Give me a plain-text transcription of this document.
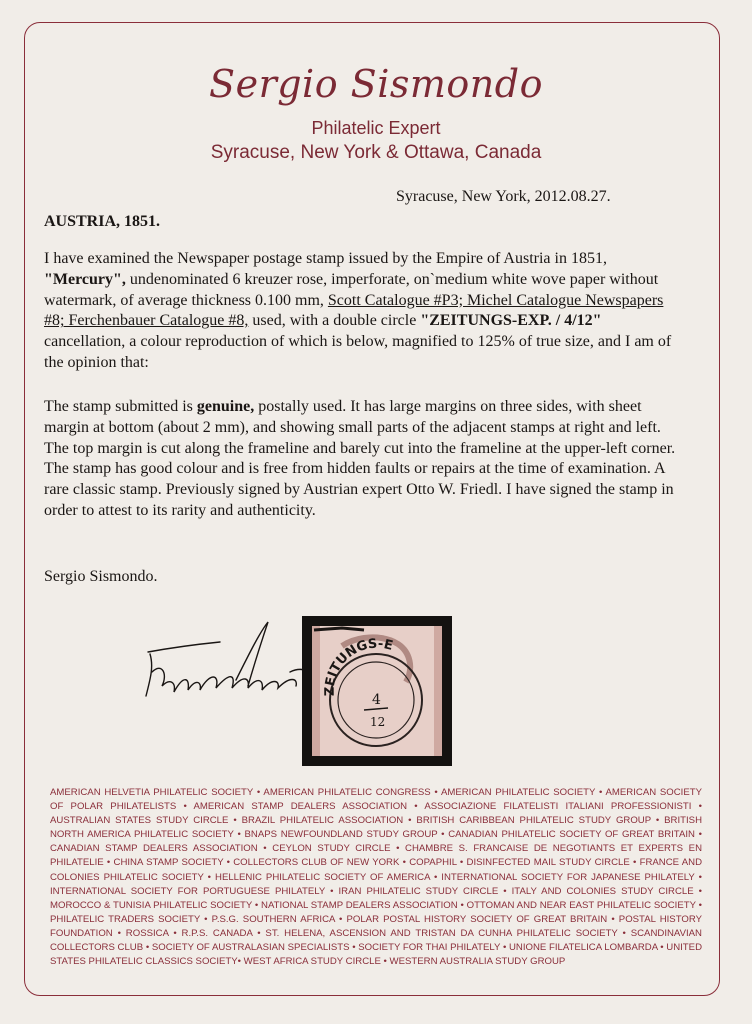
Sergio Sismondo
Philatelic Expert
Syracuse, New York & Ottawa, Canada
Syracuse, New York, 2012.08.27.
AUSTRIA, 1851.
I have examined the Newspaper postage stamp issued by the Empire of Austria in 1851, "Mercury", undenominated 6 kreuzer rose, imperforate, on`medium white wove paper without watermark, of average thickness 0.100 mm, Scott Catalogue #P3; Michel Catalogue Newspapers #8; Ferchenbauer Catalogue #8, used, with a double circle "ZEITUNGS-EXP. / 4/12" cancellation, a colour reproduction of which is below, magnified to 125% of true size, and I am of the opinion that:
The stamp submitted is genuine, postally used. It has large margins on three sides, with sheet margin at bottom (about 2 mm), and showing small parts of the adjacent stamps at right and left. The top margin is cut along the frameline and barely cut into the frameline at the upper-left corner. The stamp has good colour and is free from hidden faults or repairs at the time of examination. A rare classic stamp. Previously signed by Austrian expert Otto W. Friedl. I have signed the stamp in order to attest to its rarity and authenticity.
Sergio Sismondo.
ZEITUNGS-E
4
12
AMERICAN HELVETIA PHILATELIC SOCIETY • AMERICAN PHILATELIC CONGRESS • AMERICAN PHILATELIC SOCIETY • AMERICAN SOCIETY OF POLAR PHILATELISTS • AMERICAN STAMP DEALERS ASSOCIATION • ASSOCIAZIONE FILATELISTI ITALIANI PROFESSIONISTI • AUSTRALIAN STATES STUDY CIRCLE • BRAZIL PHILATELIC ASSOCIATION • BRITISH CARIBBEAN PHILATELIC STUDY GROUP • BRITISH NORTH AMERICA PHILATELIC SOCIETY • BNAPS NEWFOUNDLAND STUDY GROUP • CANADIAN PHILATELIC SOCIETY OF GREAT BRITAIN • CANADIAN STAMP DEALERS ASSOCIATION • CEYLON STUDY CIRCLE • CHAMBRE S. FRANCAISE DE NEGOTIANTS ET EXPERTS EN PHILATELIE • CHINA STAMP SOCIETY • COLLECTORS CLUB OF NEW YORK • COPAPHIL • DISINFECTED MAIL STUDY CIRCLE • FRANCE AND COLONIES PHILATELIC SOCIETY • HELLENIC PHILATELIC SOCIETY OF AMERICA • INTERNATIONAL SOCIETY FOR JAPANESE PHILATELY • INTERNATIONAL SOCIETY FOR PORTUGUESE PHILATELY • IRAN PHILATELIC STUDY CIRCLE • ITALY AND COLONIES STUDY CIRCLE • MOROCCO & TUNISIA PHILATELIC SOCIETY • NATIONAL STAMP DEALERS ASSOCIATION • OTTOMAN AND NEAR EAST PHILATELIC SOCIETY • PHILATELIC TRADERS SOCIETY • P.S.G. SOUTHERN AFRICA • POLAR POSTAL HISTORY SOCIETY OF GREAT BRITAIN • POSTAL HISTORY FOUNDATION • ROSSICA • R.P.S. CANADA • ST. HELENA, ASCENSION AND TRISTAN DA CUNHA PHILATELIC SOCIETY • SCANDINAVIAN COLLECTORS CLUB • SOCIETY OF AUSTRALASIAN SPECIALISTS • SOCIETY FOR THAI PHILATELY • UNIONE FILATELICA LOMBARDA • UNITED STATES PHILATELIC CLASSICS SOCIETY• WEST AFRICA STUDY CIRCLE • WESTERN AUSTRALIA STUDY GROUP
